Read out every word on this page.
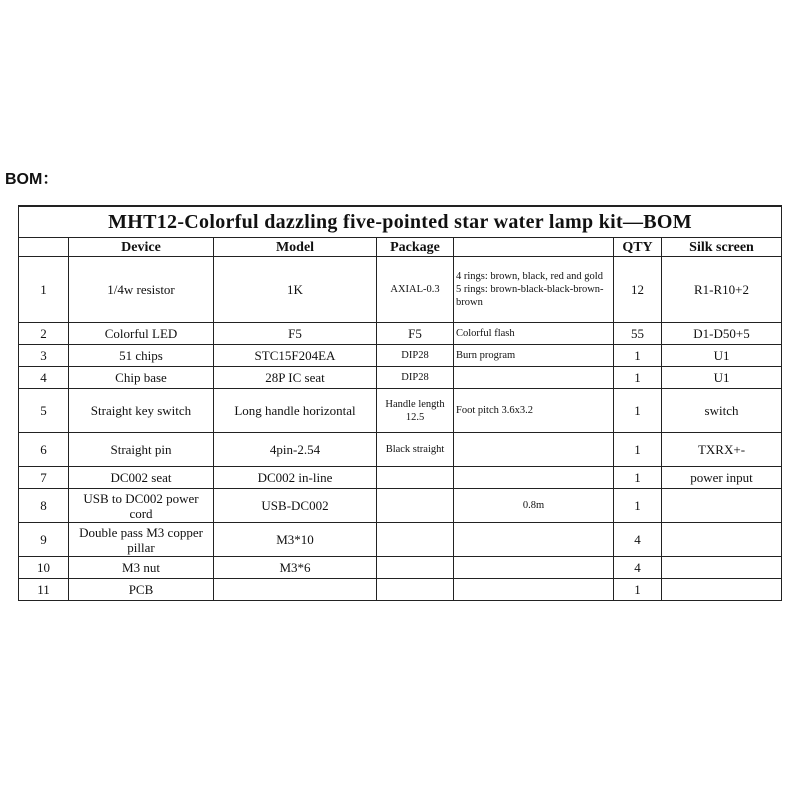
BOM：
MHT12-Colorful dazzling five-pointed star water lamp kit—BOM						
	Device	Model	Package		QTY	Silk screen
1	1/4w resistor	1K	AXIAL-0.3	4 rings: brown, black, red and gold
5 rings: brown-black-black-brown-brown	12	R1-R10+2
2	Colorful LED	F5	F5	Colorful flash	55	D1-D50+5
3	51 chips	STC15F204EA	DIP28	Burn program	1	U1
4	Chip base	28P IC seat	DIP28		1	U1
5	Straight key switch	Long handle horizontal	Handle length 12.5	Foot pitch 3.6x3.2	1	switch
6	Straight pin	4pin-2.54	Black straight		1	TXRX+-
7	DC002 seat	DC002 in-line			1	power input
8	USB to DC002 power cord	USB-DC002		0.8m	1	
9	Double pass M3 copper pillar	M3*10			4	
10	M3 nut	M3*6			4	
11	PCB				1	
